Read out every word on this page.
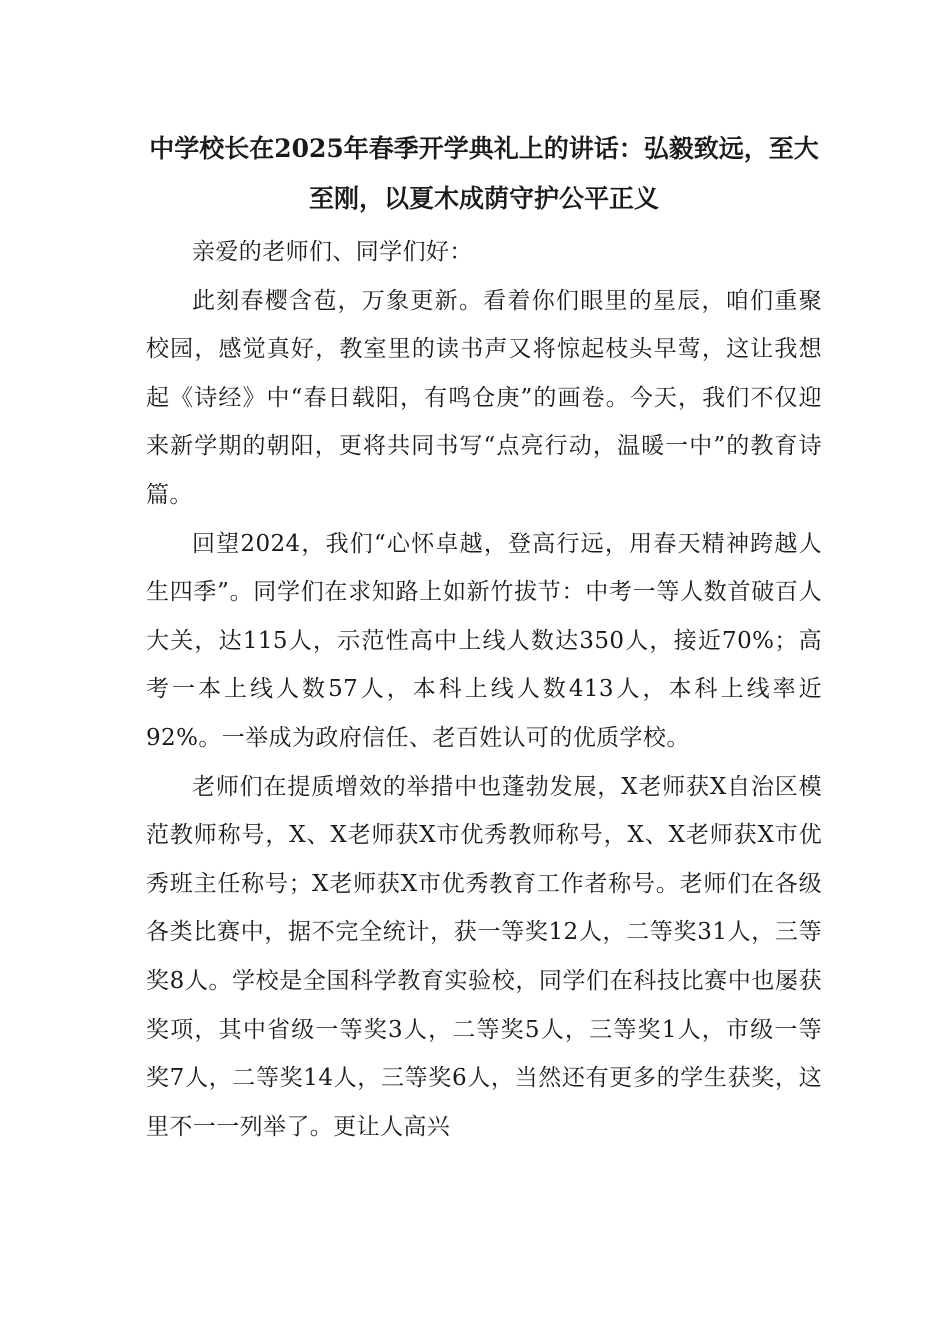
中学校长在2025年春季开学典礼上的讲话：弘毅致远，至大至刚，以夏木成荫守护公平正义

亲爱的老师们、同学们好：

此刻春樱含苞，万象更新。看着你们眼里的星辰，咱们重聚校园，感觉真好，教室里的读书声又将惊起枝头早莺，这让我想起《诗经》中“春日载阳，有鸣仓庚”的画卷。今天，我们不仅迎来新学期的朝阳，更将共同书写“点亮行动，温暖一中”的教育诗篇。

回望2024，我们“心怀卓越，登高行远，用春天精神跨越人生四季”。同学们在求知路上如新竹拔节：中考一等人数首破百人大关，达115人，示范性高中上线人数达350人，接近70%；高考一本上线人数57人，本科上线人数413人，本科上线率近92%。一举成为政府信任、老百姓认可的优质学校。

老师们在提质增效的举措中也蓬勃发展，X老师获X自治区模范教师称号，X、X老师获X市优秀教师称号，X、X老师获X市优秀班主任称号；X老师获X市优秀教育工作者称号。老师们在各级各类比赛中，据不完全统计，获一等奖12人，二等奖31人，三等奖8人。学校是全国科学教育实验校，同学们在科技比赛中也屡获奖项，其中省级一等奖3人，二等奖5人，三等奖1人，市级一等奖7人，二等奖14人，三等奖6人，当然还有更多的学生获奖，这里不一一列举了。更让人高兴
